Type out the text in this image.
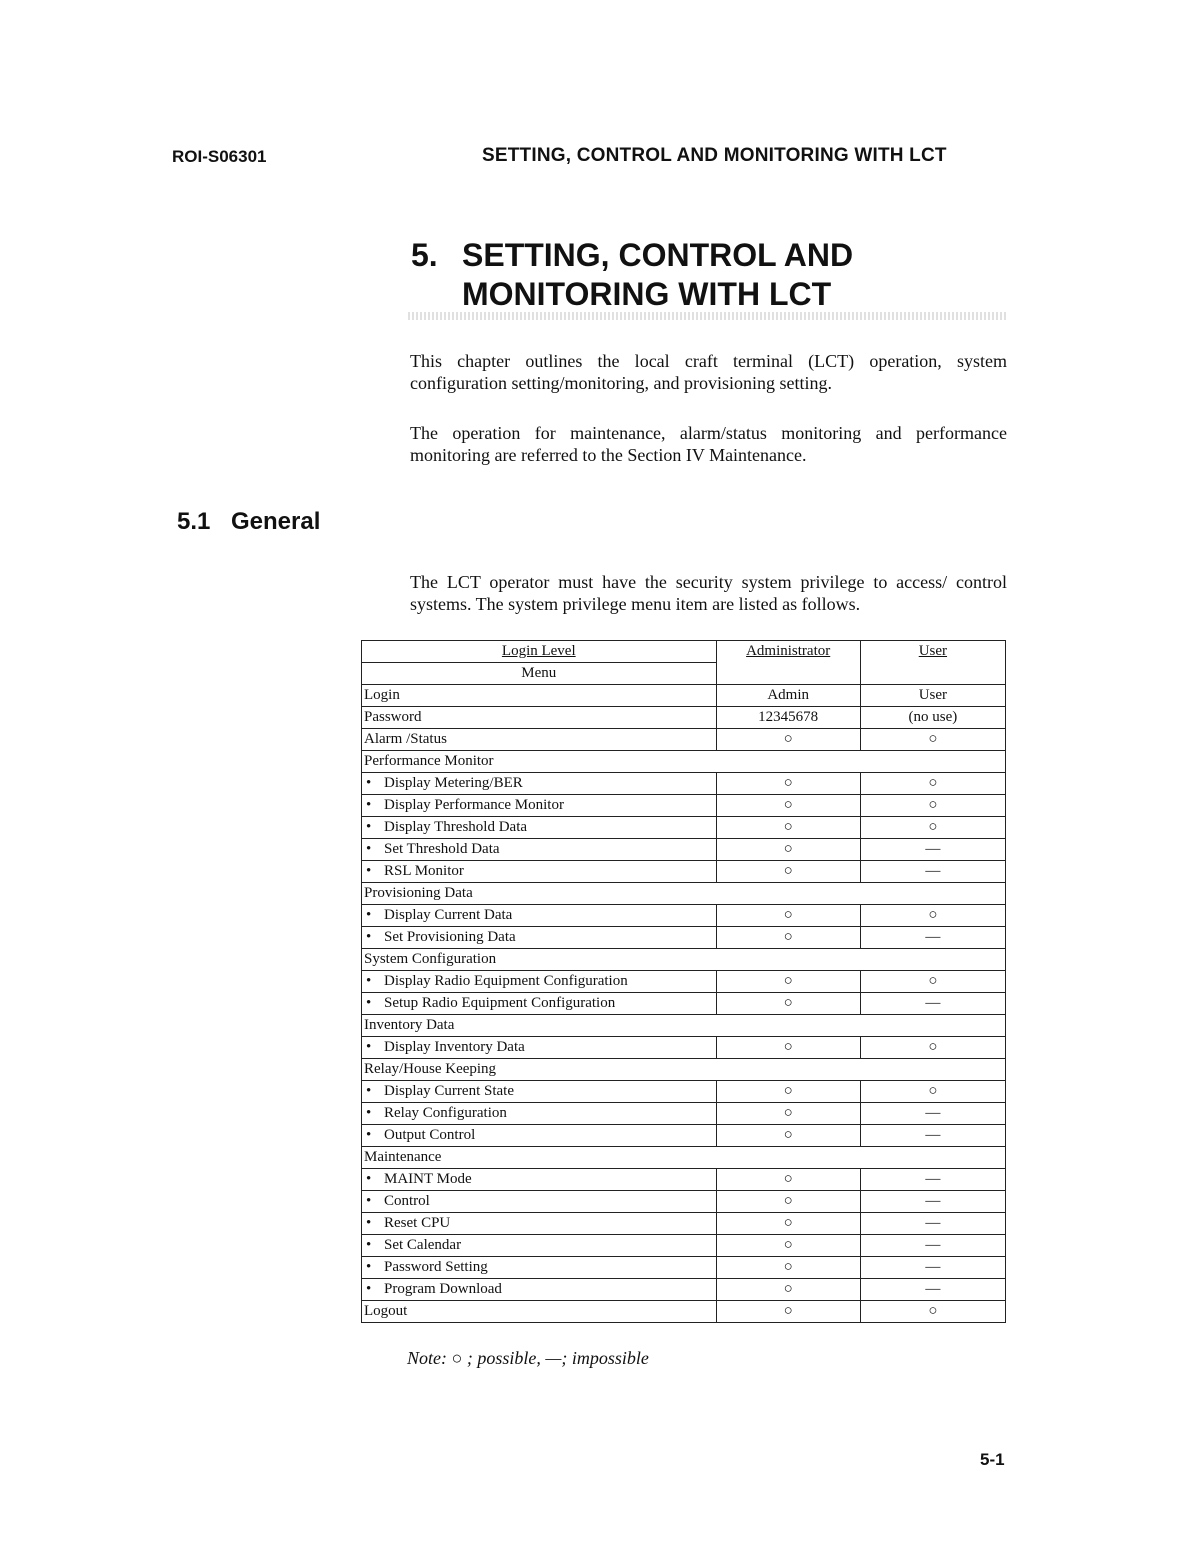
ROI-S06301	SETTING, CONTROL AND MONITORING WITH LCT
5. SETTING, CONTROL AND
MONITORING WITH LCT
This chapter outlines the local craft terminal (LCT) operation, system configuration setting/monitoring, and provisioning setting.
The operation for maintenance, alarm/status monitoring and performance monitoring are referred to the Section IV Maintenance.
5.1 General
The LCT operator must have the security system privilege to access/ control systems. The system privilege menu item are listed as follows.
Login Level	Administrator	User
Menu		
Login	Admin	User
Password	12345678	(no use)
Alarm /Status	○	○
Performance Monitor		
• Display Metering/BER	○	○
• Display Performance Monitor	○	○
• Display Threshold Data	○	○
• Set Threshold Data	○	—
• RSL Monitor	○	—
Provisioning Data		
• Display Current Data	○	○
• Set Provisioning Data	○	—
System Configuration		
• Display Radio Equipment Configuration	○	○
• Setup Radio Equipment Configuration	○	—
Inventory Data		
• Display Inventory Data	○	○
Relay/House Keeping		
• Display Current State	○	○
• Relay Configuration	○	—
• Output Control	○	—
Maintenance		
• MAINT Mode	○	—
• Control	○	—
• Reset CPU	○	—
• Set Calendar	○	—
• Password Setting	○	—
• Program Download	○	—
Logout	○	○
Note: ○ ; possible, —; impossible
5-1
